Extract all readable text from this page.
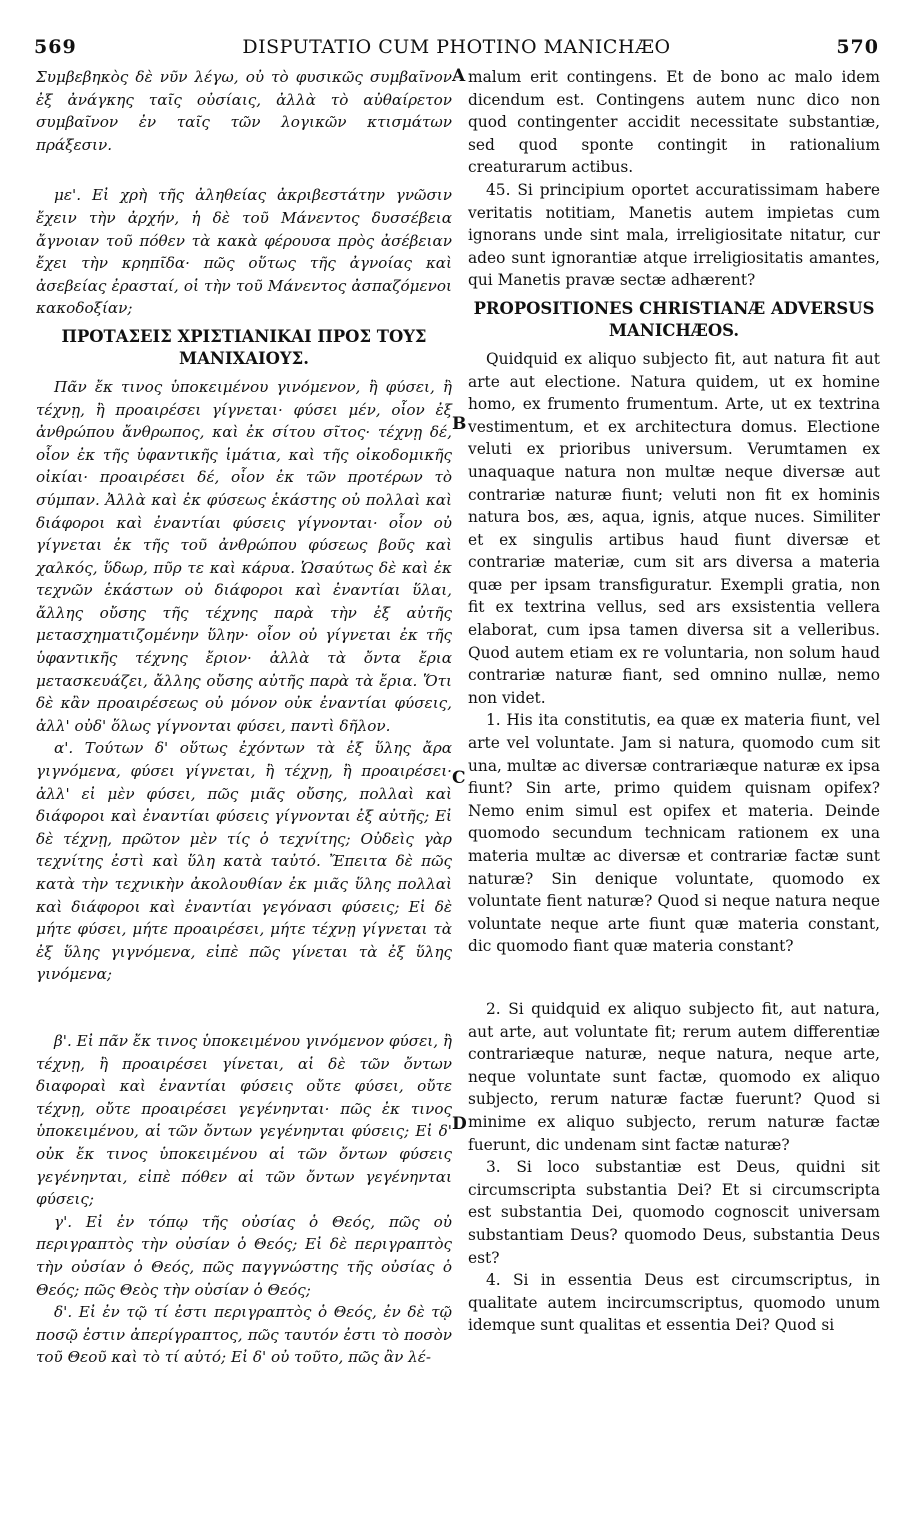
569	DISPUTATIO CUM PHOTINO MANICHÆO	570

Συμβεβηκὸς δὲ νῦν λέγω, οὐ τὸ φυσικῶς συμβαῖνον ἐξ ἀνάγκης ταῖς οὐσίαις, ἀλλὰ τὸ αὐθαίρετον συμβαῖνον ἐν ταῖς τῶν λογικῶν κτισμάτων πράξεσιν.

με'. Εἰ χρὴ τῆς ἀληθείας ἀκριβεστάτην γνῶσιν ἔχειν τὴν ἀρχήν, ἡ δὲ τοῦ Μάνεντος δυσσέβεια ἄγνοιαν τοῦ πόθεν τὰ κακὰ φέρουσα πρὸς ἀσέβειαν ἔχει τὴν κρηπῖδα· πῶς οὕτως τῆς ἀγνοίας καὶ ἀσεβείας ἐρασταί, οἱ τὴν τοῦ Μάνεντος ἀσπαζόμενοι κακοδοξίαν;

ΠΡΟΤΑΣΕΙΣ ΧΡΙΣΤΙΑΝΙΚΑΙ ΠΡΟΣ ΤΟΥΣ ΜΑΝΙΧΑΙΟΥΣ.

Πᾶν ἔκ τινος ὑποκειμένου γινόμενον, ἢ φύσει, ἢ τέχνῃ, ἢ προαιρέσει γίγνεται· φύσει μέν, οἷον ἐξ ἀνθρώπου ἄνθρωπος, καὶ ἐκ σίτου σῖτος· τέχνῃ δέ, οἷον ἐκ τῆς ὑφαντικῆς ἱμάτια, καὶ τῆς οἰκοδομικῆς οἰκίαι· προαιρέσει δέ, οἷον ἐκ τῶν προτέρων τὸ σύμπαν. Ἀλλὰ καὶ ἐκ φύσεως ἑκάστης οὐ πολλαὶ καὶ διάφοροι καὶ ἐναντίαι φύσεις γίγνονται· οἷον οὐ γίγνεται ἐκ τῆς τοῦ ἀνθρώπου φύσεως βοῦς καὶ χαλκός, ὕδωρ, πῦρ τε καὶ κάρυα. Ὡσαύτως δὲ καὶ ἐκ τεχνῶν ἑκάστων οὐ διάφοροι καὶ ἐναντίαι ὕλαι, ἄλλης οὔσης τῆς τέχνης παρὰ τὴν ἐξ αὐτῆς μετασχηματιζομένην ὕλην· οἷον οὐ γίγνεται ἐκ τῆς ὑφαντικῆς τέχνης ἔριον· ἀλλὰ τὰ ὄντα ἔρια μετασκευάζει, ἄλλης οὔσης αὐτῆς παρὰ τὰ ἔρια. Ὅτι δὲ κἂν προαιρέσεως οὐ μόνον οὐκ ἐναντίαι φύσεις, ἀλλ' οὐδ' ὅλως γίγνονται φύσει, παντὶ δῆλον.

α'. Τούτων δ' οὕτως ἐχόντων τὰ ἐξ ὕλης ἄρα γιγνόμενα, φύσει γίγνεται, ἢ τέχνῃ, ἢ προαιρέσει· ἀλλ' εἰ μὲν φύσει, πῶς μιᾶς οὔσης, πολλαὶ καὶ διάφοροι καὶ ἐναντίαι φύσεις γίγνονται ἐξ αὐτῆς; Εἰ δὲ τέχνῃ, πρῶτον μὲν τίς ὁ τεχνίτης; Οὐδεὶς γὰρ τεχνίτης ἐστὶ καὶ ὕλη κατὰ ταὐτό. Ἔπειτα δὲ πῶς κατὰ τὴν τεχνικὴν ἀκολουθίαν ἐκ μιᾶς ὕλης πολλαὶ καὶ διάφοροι καὶ ἐναντίαι γεγόνασι φύσεις; Εἰ δὲ μήτε φύσει, μήτε προαιρέσει, μήτε τέχνῃ γίγνεται τὰ ἐξ ὕλης γιγνόμενα, εἰπὲ πῶς γίνεται τὰ ἐξ ὕλης γινόμενα;

β'. Εἰ πᾶν ἔκ τινος ὑποκειμένου γινόμενον φύσει, ἢ τέχνῃ, ἢ προαιρέσει γίνεται, αἱ δὲ τῶν ὄντων διαφοραὶ καὶ ἐναντίαι φύσεις οὔτε φύσει, οὔτε τέχνῃ, οὔτε προαιρέσει γεγένηνται· πῶς ἐκ τινος ὑποκειμένου, αἱ τῶν ὄντων γεγένηνται φύσεις; Εἰ δ' οὐκ ἔκ τινος ὑποκειμένου αἱ τῶν ὄντων φύσεις γεγένηνται, εἰπὲ πόθεν αἱ τῶν ὄντων γεγένηνται φύσεις;

γ'. Εἰ ἐν τόπῳ τῆς οὐσίας ὁ Θεός, πῶς οὐ περιγραπτὸς τὴν οὐσίαν ὁ Θεός; Εἰ δὲ περιγραπτὸς τὴν οὐσίαν ὁ Θεός, πῶς παγγνώστης τῆς οὐσίας ὁ Θεός; πῶς Θεὸς τὴν οὐσίαν ὁ Θεός;

δ'. Εἰ ἐν τῷ τί ἐστι περιγραπτὸς ὁ Θεός, ἐν δὲ τῷ ποσῷ ἐστιν ἀπερίγραπτος, πῶς ταυτόν ἐστι τὸ ποσὸν τοῦ Θεοῦ καὶ τὸ τί αὐτό; Εἰ δ' οὐ τοῦτο, πῶς ἂν λέ-

malum erit contingens. Et de bono ac malo idem dicendum est. Contingens autem nunc dico non quod contingenter accidit necessitate substantiæ, sed quod sponte contingit in rationalium creaturarum actibus.

45. Si principium oportet accuratissimam habere veritatis notitiam, Manetis autem impietas cum ignorans unde sint mala, irreligiositate nitatur, cur adeo sunt ignorantiæ atque irreligiositatis amantes, qui Manetis pravæ sectæ adhærent?

PROPOSITIONES CHRISTIANÆ ADVERSUS MANICHÆOS.

Quidquid ex aliquo subjecto fit, aut natura fit aut arte aut electione. Natura quidem, ut ex homine homo, ex frumento frumentum. Arte, ut ex textrina vestimentum, et ex architectura domus. Electione veluti ex prioribus universum. Verumtamen ex unaquaque natura non multæ neque diversæ aut contrariæ naturæ fiunt; veluti non fit ex hominis natura bos, æs, aqua, ignis, atque nuces. Similiter et ex singulis artibus haud fiunt diversæ et contrariæ materiæ, cum sit ars diversa a materia quæ per ipsam transfiguratur. Exempli gratia, non fit ex textrina vellus, sed ars exsistentia vellera elaborat, cum ipsa tamen diversa sit a velleribus. Quod autem etiam ex re voluntaria, non solum haud contrariæ naturæ fiant, sed omnino nullæ, nemo non videt.

1. His ita constitutis, ea quæ ex materia fiunt, vel arte vel voluntate. Jam si natura, quomodo cum sit una, multæ ac diversæ contrariæque naturæ ex ipsa fiunt? Sin arte, primo quidem quisnam opifex? Nemo enim simul est opifex et materia. Deinde quomodo secundum technicam rationem ex una materia multæ ac diversæ et contrariæ factæ sunt naturæ? Sin denique voluntate, quomodo ex voluntate fient naturæ? Quod si neque natura neque voluntate neque arte fiunt quæ materia constant, dic quomodo fiant quæ materia constant?

2. Si quidquid ex aliquo subjecto fit, aut natura, aut arte, aut voluntate fit; rerum autem differentiæ contrariæque naturæ, neque natura, neque arte, neque voluntate sunt factæ, quomodo ex aliquo subjecto, rerum naturæ factæ fuerunt? Quod si minime ex aliquo subjecto, rerum naturæ factæ fuerunt, dic undenam sint factæ naturæ?

3. Si loco substantiæ est Deus, quidni sit circumscripta substantia Dei? Et si circumscripta est substantia Dei, quomodo cognoscit universam substantiam Deus? quomodo Deus, substantia Deus est?

4. Si in essentia Deus est circumscriptus, in qualitate autem incircumscriptus, quomodo unum idemque sunt qualitas et essentia Dei? Quod si

A
B
C
D
